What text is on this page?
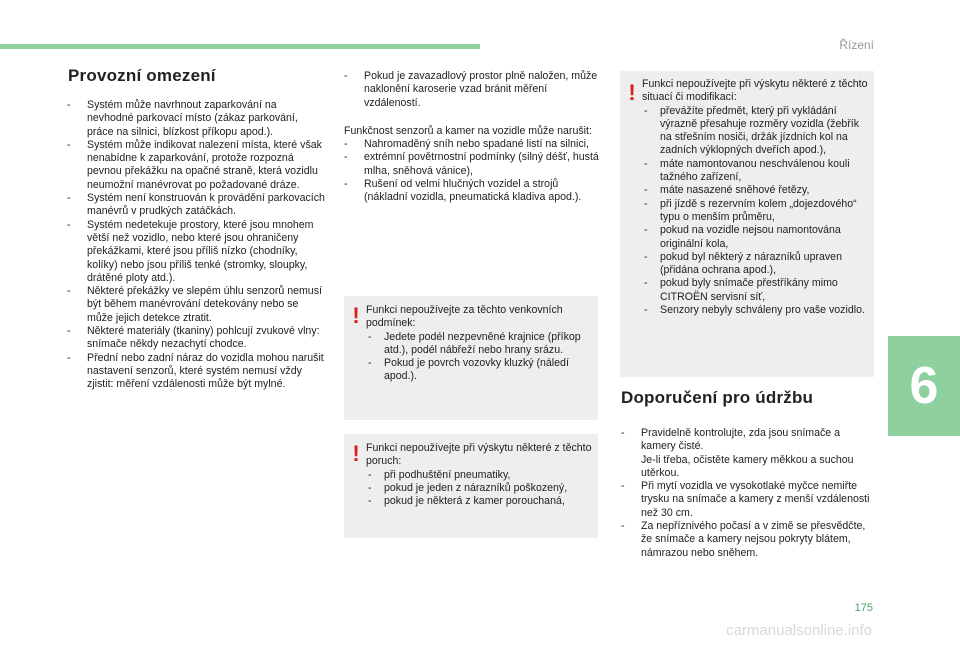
Řízení
6
175
carmanualsonline.info
Provozní omezení
- Systém může navrhnout zaparkování na nevhodné parkovací místo (zákaz parkování, práce na silnici, blízkost příkopu apod.).
- Systém může indikovat nalezení místa, které však nenabídne k zaparkování, protože rozpozná pevnou překážku na opačné straně, která vozidlu neumožní manévrovat po požadované dráze.
- Systém není konstruován k provádění parkovacích manévrů v prudkých zatáčkách.
- Systém nedetekuje prostory, které jsou mnohem větší než vozidlo, nebo které jsou ohraničeny překážkami, které jsou příliš nízko (chodníky, kolíky) nebo jsou příliš tenké (stromky, sloupky, drátěné ploty atd.).
- Některé překážky ve slepém úhlu senzorů nemusí být během manévrování detekovány nebo se může jejich detekce ztratit.
- Některé materiály (tkaniny) pohlcují zvukové vlny: snímače někdy nezachytí chodce.
- Přední nebo zadní náraz do vozidla mohou narušit nastavení senzorů, které systém nemusí vždy zjistit: měření vzdálenosti může být mylné.
- Pokud je zavazadlový prostor plně naložen, může naklonění karoserie vzad bránit měření vzdáleností.

Funkčnost senzorů a kamer na vozidle může narušit:

- Nahromaděný sníh nebo spadané listí na silnici,
- extrémní povětrnostní podmínky (silný déšť, hustá mlha, sněhová vánice),
- Rušení od velmi hlučných vozidel a strojů (nákladní vozidla, pneumatická kladiva apod.).
! Funkci nepoužívejte za těchto venkovních podmínek:

- Jedete podél nezpevněné krajnice (příkop atd.), podél nábřeží nebo hrany srázu.
- Pokud je povrch vozovky kluzký (náledí apod.).
! Funkci nepoužívejte při výskytu některé z těchto poruch:

- při podhuštění pneumatiky,
- pokud je jeden z nárazníků poškozený,
- pokud je některá z kamer porouchaná,
! Funkci nepoužívejte při výskytu některé z těchto situací či modifikací:

- převážíte předmět, který při vykládání výrazně přesahuje rozměry vozidla (žebřík na střešním nosiči, držák jízdních kol na zadních výklopných dveřích apod.),
- máte namontovanou neschválenou kouli tažného zařízení,
- máte nasazené sněhové řetězy,
- při jízdě s rezervním kolem „dojezdového“ typu o menším průměru,
- pokud na vozidle nejsou namontována originální kola,
- pokud byl některý z nárazníků upraven (přidána ochrana apod.),
- pokud byly snímače přestříkány mimo CITROËN servisní síť,
- Senzory nebyly schváleny pro vaše vozidlo.
Doporučení pro údržbu
- Pravidelně kontrolujte, zda jsou snímače a kamery čisté.
Je-li třeba, očistěte kamery měkkou a suchou utěrkou.
- Při mytí vozidla ve vysokotlaké myčce nemiřte trysku na snímače a kamery z menší vzdálenosti než 30 cm.
- Za nepříznivého počasí a v zimě se přesvědčte, že snímače a kamery nejsou pokryty blátem, námrazou nebo sněhem.
